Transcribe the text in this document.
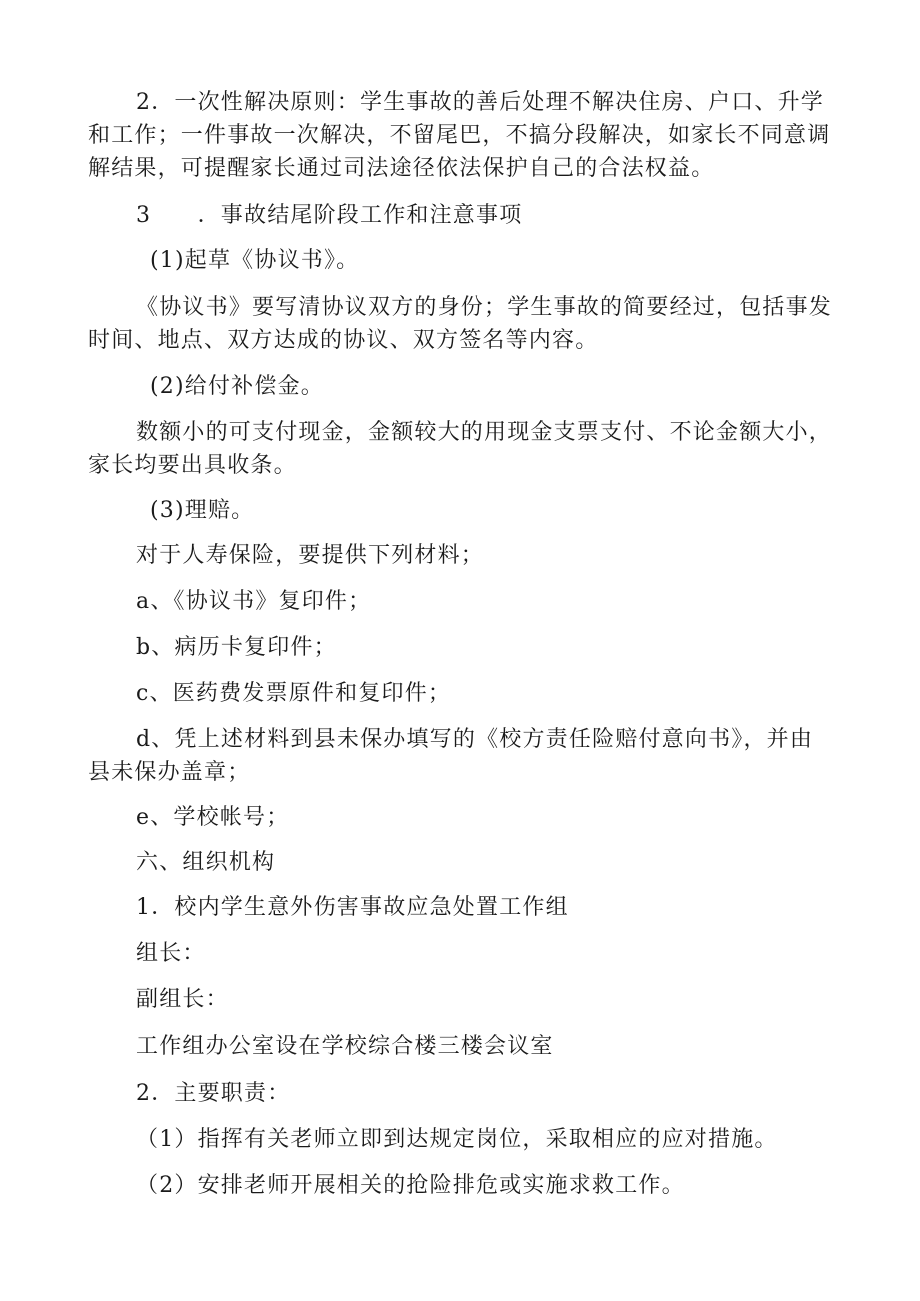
2．一次性解决原则：学生事故的善后处理不解决住房、户口、升学
和工作；一件事故一次解决，不留尾巴，不搞分段解决，如家长不同意调
解结果，可提醒家长通过司法途径依法保护自己的合法权益。
3　　．事故结尾阶段工作和注意事项
(1)起草《协议书》。
《协议书》要写清协议双方的身份；学生事故的简要经过，包括事发
时间、地点、双方达成的协议、双方签名等内容。
(2)给付补偿金。
数额小的可支付现金，金额较大的用现金支票支付、不论金额大小，
家长均要出具收条。
(3)理赔。
对于人寿保险，要提供下列材料；
a、《协议书》复印件；
b、病历卡复印件；
c、医药费发票原件和复印件；
d、凭上述材料到县未保办填写的《校方责任险赔付意向书》，并由
县未保办盖章；
e、学校帐号；
六、组织机构
1．校内学生意外伤害事故应急处置工作组
组长：
副组长：
工作组办公室设在学校综合楼三楼会议室
2．主要职责：
（1）指挥有关老师立即到达规定岗位，采取相应的应对措施。
（2）安排老师开展相关的抢险排危或实施求救工作。
